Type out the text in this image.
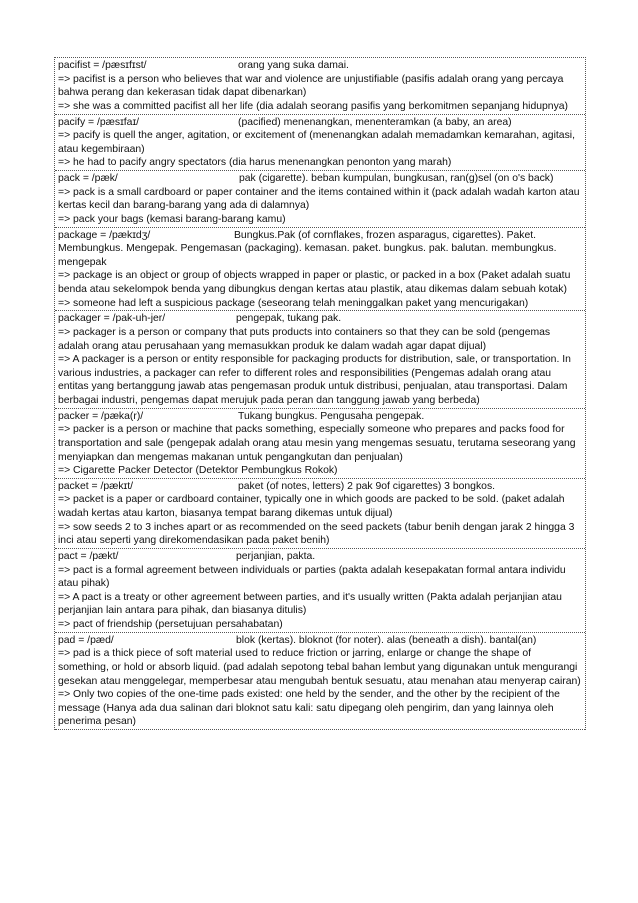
pacifist = /pæsɪfɪst/	orang yang suka damai.
=> pacifist is a person who believes that war and violence are unjustifiable (pasifis adalah orang yang percaya bahwa perang dan kekerasan tidak dapat dibenarkan)
=> she was a committed pacifist all her life (dia adalah seorang pasifis yang berkomitmen sepanjang hidupnya)
pacify = /pæsɪfaɪ/	(pacified) menenangkan, menenteramkan (a baby, an area)
=> pacify is quell the anger, agitation, or excitement of (menenangkan adalah memadamkan kemarahan, agitasi, atau kegembiraan)
=> he had to pacify angry spectators (dia harus menenangkan penonton yang marah)
pack = /pæk/	pak (cigarette). beban kumpulan, bungkusan, ran(g)sel (on o's back)
=> pack is a small cardboard or paper container and the items contained within it (pack adalah wadah karton atau kertas kecil dan barang-barang yang ada di dalamnya)
=> pack your bags (kemasi barang-barang kamu)
package = /pækɪdʒ/	Bungkus.Pak (of cornflakes, frozen asparagus, cigarettes). Paket. Membungkus. Mengepak. Pengemasan (packaging). kemasan. paket. bungkus. pak. balutan. membungkus. mengepak
=> package is an object or group of objects wrapped in paper or plastic, or packed in a box (Paket adalah suatu benda atau sekelompok benda yang dibungkus dengan kertas atau plastik, atau dikemas dalam sebuah kotak)
=> someone had left a suspicious package (seseorang telah meninggalkan paket yang mencurigakan)
packager = /pak-uh-jer/	pengepak, tukang pak.
=> packager is a person or company that puts products into containers so that they can be sold (pengemas adalah orang atau perusahaan yang memasukkan produk ke dalam wadah agar dapat dijual)
=> A packager is a person or entity responsible for packaging products for distribution, sale, or transportation. In various industries, a packager can refer to different roles and responsibilities (Pengemas adalah orang atau entitas yang bertanggung jawab atas pengemasan produk untuk distribusi, penjualan, atau transportasi. Dalam berbagai industri, pengemas dapat merujuk pada peran dan tanggung jawab yang berbeda)
packer = /pæka(r)/	Tukang bungkus. Pengusaha pengepak.
=> packer is a person or machine that packs something, especially someone who prepares and packs food for transportation and sale (pengepak adalah orang atau mesin yang mengemas sesuatu, terutama seseorang yang menyiapkan dan mengemas makanan untuk pengangkutan dan penjualan)
=> Cigarette Packer Detector (Detektor Pembungkus Rokok)
packet = /pækɪt/	paket (of notes, letters) 2 pak 9of cigarettes) 3 bongkos.
=> packet is a paper or cardboard container, typically one in which goods are packed to be sold. (paket adalah wadah kertas atau karton, biasanya tempat barang dikemas untuk dijual)
=> sow seeds 2 to 3 inches apart or as recommended on the seed packets (tabur benih dengan jarak 2 hingga 3 inci atau seperti yang direkomendasikan pada paket benih)
pact = /pækt/	perjanjian, pakta.
=> pact is a formal agreement between individuals or parties (pakta adalah kesepakatan formal antara individu atau pihak)
=> A pact is a treaty or other agreement between parties, and it's usually written (Pakta adalah perjanjian atau perjanjian lain antara para pihak, dan biasanya ditulis)
=> pact of friendship (persetujuan persahabatan)
pad = /pæd/	blok (kertas). bloknot (for noter). alas (beneath a dish). bantal(an)
=> pad is a thick piece of soft material used to reduce friction or jarring, enlarge or change the shape of something, or hold or absorb liquid. (pad adalah sepotong tebal bahan lembut yang digunakan untuk mengurangi gesekan atau menggelegar, memperbesar atau mengubah bentuk sesuatu, atau menahan atau menyerap cairan)
=> Only two copies of the one-time pads existed: one held by the sender, and the other by the recipient of the message (Hanya ada dua salinan dari bloknot satu kali: satu dipegang oleh pengirim, dan yang lainnya oleh penerima pesan)
